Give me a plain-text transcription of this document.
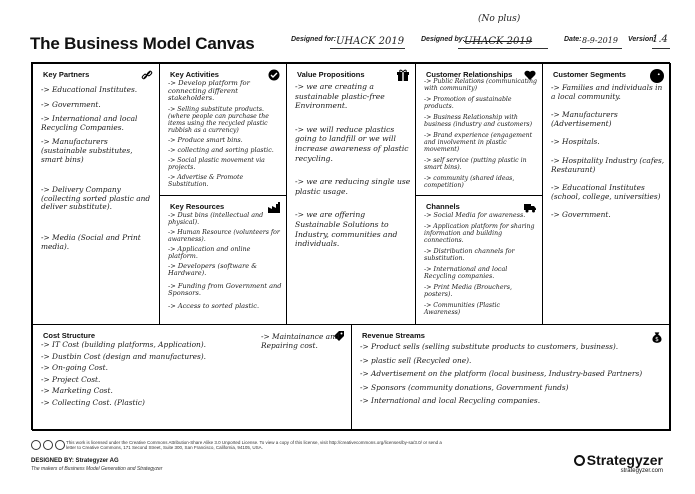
The Business Model Canvas	Designed for: UHACK 2019 Designed by:
(No plus)
UHACK 2019	Date: 8-9-2019 Version:
1.4
Key Partners
-> Educational Institutes.
-> Government.
-> International and local Recycling Companies.
-> Manufacturers (sustainable substitutes, smart bins)
-> Delivery Company (collecting sorted plastic and deliver substitute).
-> Media (Social and Print media).
Key Activities
-> Develop platform for connecting different stakeholders.
-> Selling substitute products. (where people can purchase the items using the recycled plastic rubbish as a currency)
-> Produce smart bins.
-> collecting and sorting plastic.
-> Social plastic movement via projects.
-> Advertise & Promote Substitution.
Key Resources
-> Dust bins (intellectual and physical).
-> Human Resource (volunteers for awareness).
-> Application and online platform.
-> Developers (software & Hardware).
-> Funding from Government and Sponsors.
-> Access to sorted plastic.
Value Propositions
-> we are creating a sustainable plastic-free Environment.
-> we will reduce plastics going to landfill or we will increase awareness of plastic recycling.
-> we are reducing single use plastic usage.
-> we are offering Sustainable Solutions to Industry, communities and individuals.
Customer Relationships
-> Public Relations (communicating with community)
-> Promotion of sustainable products.
-> Business Relationship with business (industry and customers)
-> Brand experience (engagement and involvement in plastic movement)
-> self service (putting plastic in smart bins).
-> community (shared ideas, competition)
Channels
-> Social Media for awareness.
-> Application platform for sharing information and building connections.
-> Distribution channels for substitution.
-> International and local Recycling companies.
-> Print Media (Brouchers, posters).
-> Communities (Plastic Awareness)
Customer Segments
-> Families and individuals in a local community.
-> Manufacturers (Advertisement)
-> Hospitals.
-> Hospitality Industry (cafes, Restaurant)
-> Educational Institutes (school, college, universities)
-> Government.
Cost Structure
-> IT Cost (building platforms, Application).
-> Dustbin Cost (design and manufactures).
-> On-going Cost.
-> Project Cost.
-> Marketing Cost.
-> Collecting Cost. (Plastic)
-> Maintainance and Repairing cost.
Revenue Streams
$
-> Product sells (selling substitute products to customers, business).
-> plastic sell (Recycled one).
-> Advertisement on the platform (local business, Industry-based Partners)
-> Sponsors (community donations, Government funds)
-> International and local Recycling companies.
This work is licensed under the Creative Commons Attribution-Share Alike 3.0 Unported License. To view a copy of this license, visit http://creativecommons.org/licenses/by-sa/3.0/ or send a letter to Creative Commons, 171 Second Street, Suite 300, San Francisco, California, 94105, USA.
DESIGNED BY: Strategyzer AG
The makers of Business Model Generation and Strategyzer
Strategyzer
strategyzer.com
